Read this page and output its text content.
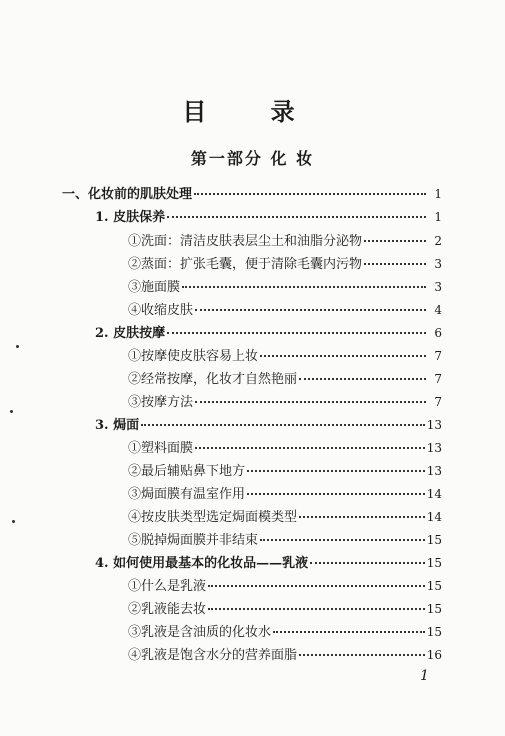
目 录
第一部分 化 妆
一、化妆前的肌肤处理	1
1. 皮肤保养	1
①洗面：清洁皮肤表层尘土和油脂分泌物	2
②蒸面：扩张毛囊，便于清除毛囊内污物	3
③施面膜	3
④收缩皮肤	4
2. 皮肤按摩	6
①按摩使皮肤容易上妆	7
②经常按摩，化妆才自然艳丽	7
③按摩方法	7
3. 焗面	13
①塑料面膜	13
②最后辅贴鼻下地方	13
③焗面膜有温室作用	14
④按皮肤类型选定焗面模类型	14
⑤脱掉焗面膜并非结束	15
4. 如何使用最基本的化妆品——乳液	15
①什么是乳液	15
②乳液能去妆	15
③乳液是含油质的化妆水	15
④乳液是饱含水分的营养面脂	16
1
